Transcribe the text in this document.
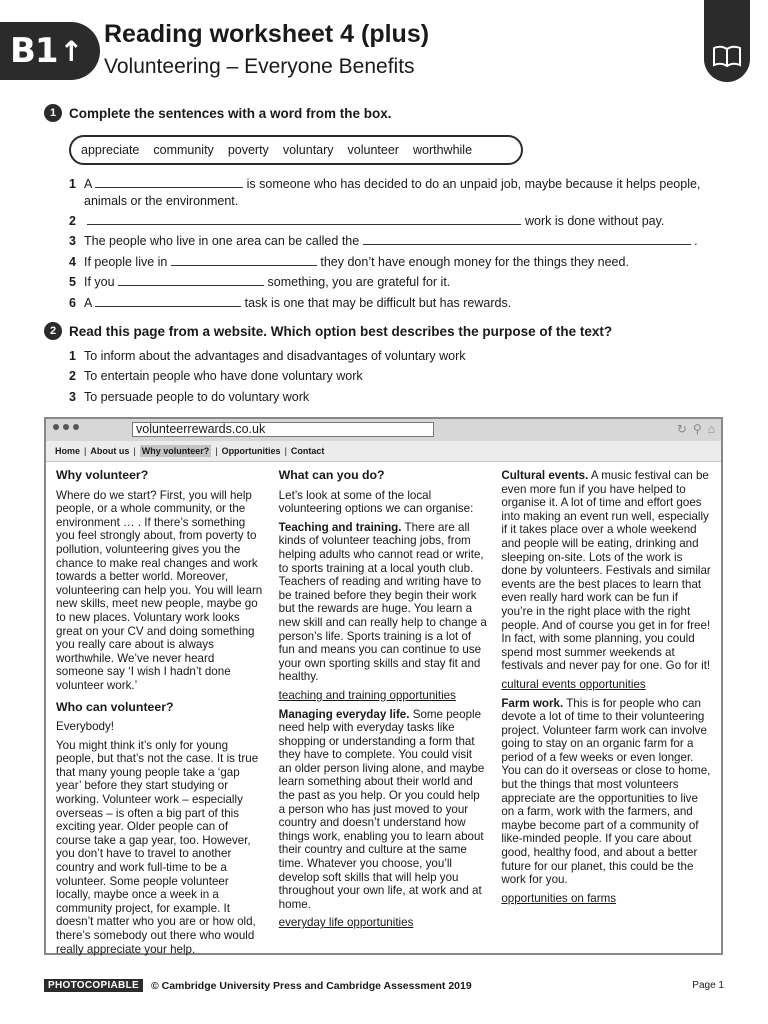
B1 ↑
Reading worksheet 4 (plus)
Volunteering – Everyone Benefits
1 Complete the sentences with a word from the box.
appreciate community poverty voluntary volunteer worthwhile
1 A	is someone who has decided to do an unpaid job, maybe because it helps people,
animals or the environment.
2	work is done without pay.
3 The people who live in one area can be called the	.
4 If people live in	they don’t have enough money for the things they need.
5 If you	something, you are grateful for it.
6 A	task is one that may be difficult but has rewards.
2 Read this page from a website. Which option best describes the purpose of the text?
1 To inform about the advantages and disadvantages of voluntary work
2 To entertain people who have done voluntary work
3 To persuade people to do voluntary work
volunteerrewards.co.uk	↻ ⚲ ⌂
Home | About us | Why volunteer? | Opportunities | Contact
Why volunteer?

Where do we start? First, you will help people, or a whole community, or the environment … . If there’s something you feel strongly about, from poverty to pollution, volunteering gives you the chance to make real changes and work towards a better world. Moreover, volunteering can help you. You will learn new skills, meet new people, maybe go to new places. Voluntary work looks great on your CV and doing something you really care about is always worthwhile. We’ve never heard someone say ‘I wish I hadn’t done volunteer work.’

Who can volunteer?

Everybody!

You might think it’s only for young people, but that’s not the case. It is true that many young people take a ‘gap year’ before they start studying or working. Volunteer work – especially overseas – is often a big part of this exciting year. Older people can of course take a gap year, too. However, you don’t have to travel to another country and work full-time to be a volunteer. Some people volunteer locally, maybe once a week in a community project, for example. It doesn’t matter who you are or how old, there’s somebody out there who would really appreciate your help.

What can you do?

Let’s look at some of the local volunteering options we can organise:

Teaching and training. There are all kinds of volunteer teaching jobs, from helping adults who cannot read or write, to sports training at a local youth club. Teachers of reading and writing have to be trained before they begin their work but the rewards are huge. You learn a new skill and can really help to change a person’s life. Sports training is a lot of fun and means you can continue to use your own sporting skills and stay fit and healthy.

teaching and training opportunities

Managing everyday life. Some people need help with everyday tasks like shopping or understanding a form that they have to complete. You could visit an older person living alone, and maybe learn something about their world and the past as you help. Or you could help a person who has just moved to your country and doesn’t understand how things work, enabling you to learn about their country and culture at the same time. Whatever you choose, you’ll develop soft skills that will help you throughout your own life, at work and at home.

everyday life opportunities

Cultural events. A music festival can be even more fun if you have helped to organise it. A lot of time and effort goes into making an event run well, especially if it takes place over a whole weekend and people will be eating, drinking and sleeping on-site. Lots of the work is done by volunteers. Festivals and similar events are the best places to learn that even really hard work can be fun if you’re in the right place with the right people. And of course you get in for free! In fact, with some planning, you could spend most summer weekends at festivals and never pay for one. Go for it!

cultural events opportunities

Farm work. This is for people who can devote a lot of time to their volunteering project. Volunteer farm work can involve going to stay on an organic farm for a period of a few weeks or even longer. You can do it overseas or close to home, but the things that most volunteers appreciate are the opportunities to live on a farm, work with the farmers, and maybe become part of a community of like-minded people. If you care about good, healthy food, and about a better future for our planet, this could be the work for you.

opportunities on farms
PHOTOCOPIABLE	© Cambridge University Press and Cambridge Assessment 2019	Page 1
